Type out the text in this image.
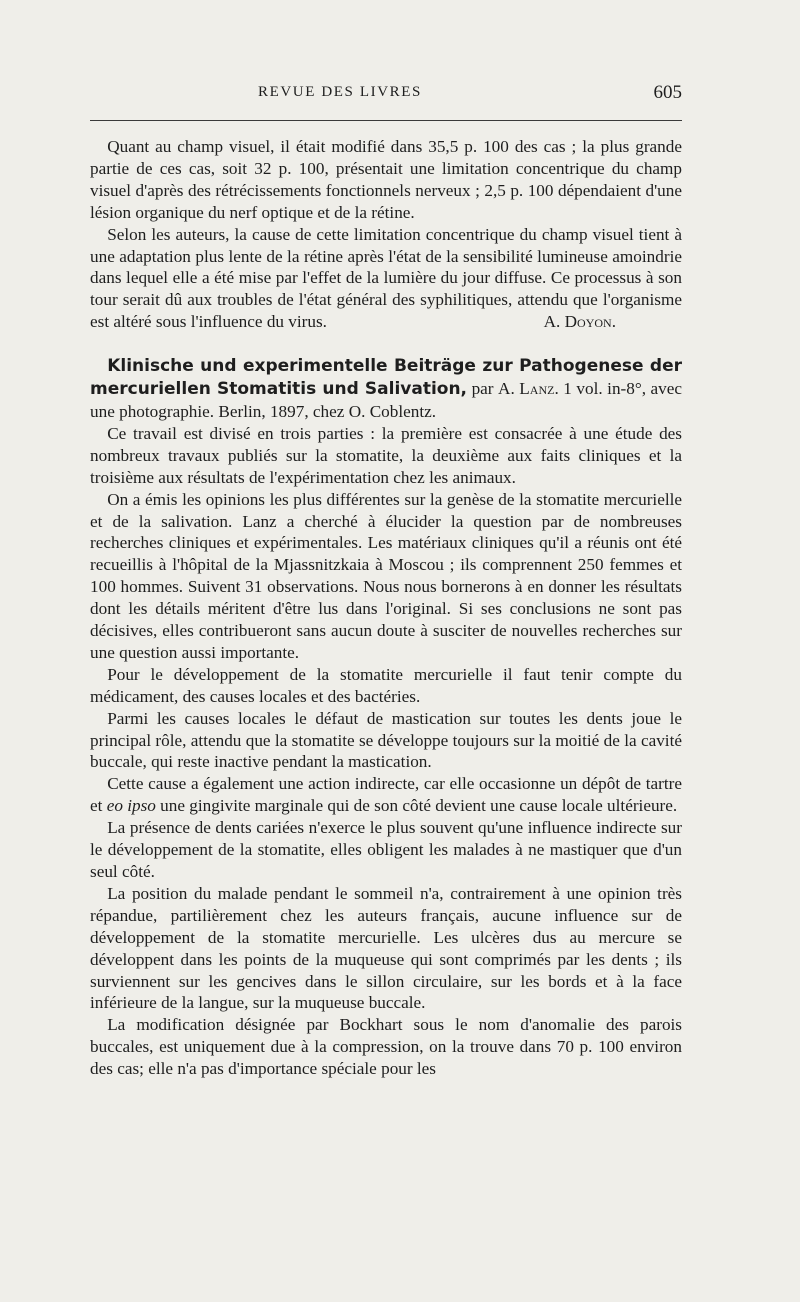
REVUE DES LIVRES	605

 Quant au champ visuel, il était modifié dans 35,5 p. 100 des cas ; la plus grande partie de ces cas, soit 32 p. 100, présentait une limitation concentrique du champ visuel d'après des rétrécissements fonctionnels nerveux ; 2,5 p. 100 dépendaient d'une lésion organique du nerf optique et de la rétine.

 Selon les auteurs, la cause de cette limitation concentrique du champ visuel tient à une adaptation plus lente de la rétine après l'état de la sensibilité lumineuse amoindrie dans lequel elle a été mise par l'effet de la lumière du jour diffuse. Ce processus à son tour serait dû aux troubles de l'état général des syphilitiques, attendu que l'organisme est altéré sous l'influence du virus.	A. Doyon.

 Klinische und experimentelle Beiträge zur Pathogenese der mercuriellen Stomatitis und Salivation, par A. Lanz. 1 vol. in-8°, avec une photographie. Berlin, 1897, chez O. Coblentz.

 Ce travail est divisé en trois parties : la première est consacrée à une étude des nombreux travaux publiés sur la stomatite, la deuxième aux faits cliniques et la troisième aux résultats de l'expérimentation chez les animaux.

 On a émis les opinions les plus différentes sur la genèse de la stomatite mercurielle et de la salivation. Lanz a cherché à élucider la question par de nombreuses recherches cliniques et expérimentales. Les matériaux cliniques qu'il a réunis ont été recueillis à l'hôpital de la Mjassnitzkaia à Moscou ; ils comprennent 250 femmes et 100 hommes. Suivent 31 observations. Nous nous bornerons à en donner les résultats dont les détails méritent d'être lus dans l'original. Si ses conclusions ne sont pas décisives, elles contribueront sans aucun doute à susciter de nouvelles recherches sur une question aussi importante.

 Pour le développement de la stomatite mercurielle il faut tenir compte du médicament, des causes locales et des bactéries.

 Parmi les causes locales le défaut de mastication sur toutes les dents joue le principal rôle, attendu que la stomatite se développe toujours sur la moitié de la cavité buccale, qui reste inactive pendant la mastication.

 Cette cause a également une action indirecte, car elle occasionne un dépôt de tartre et eo ipso une gingivite marginale qui de son côté devient une cause locale ultérieure.

 La présence de dents cariées n'exerce le plus souvent qu'une influence indirecte sur le développement de la stomatite, elles obligent les malades à ne mastiquer que d'un seul côté.

 La position du malade pendant le sommeil n'a, contrairement à une opinion très répandue, partilièrement chez les auteurs français, aucune influence sur de développement de la stomatite mercurielle. Les ulcères dus au mercure se développent dans les points de la muqueuse qui sont comprimés par les dents ; ils surviennent sur les gencives dans le sillon circulaire, sur les bords et à la face inférieure de la langue, sur la muqueuse buccale.

 La modification désignée par Bockhart sous le nom d'anomalie des parois buccales, est uniquement due à la compression, on la trouve dans 70 p. 100 environ des cas; elle n'a pas d'importance spéciale pour les
